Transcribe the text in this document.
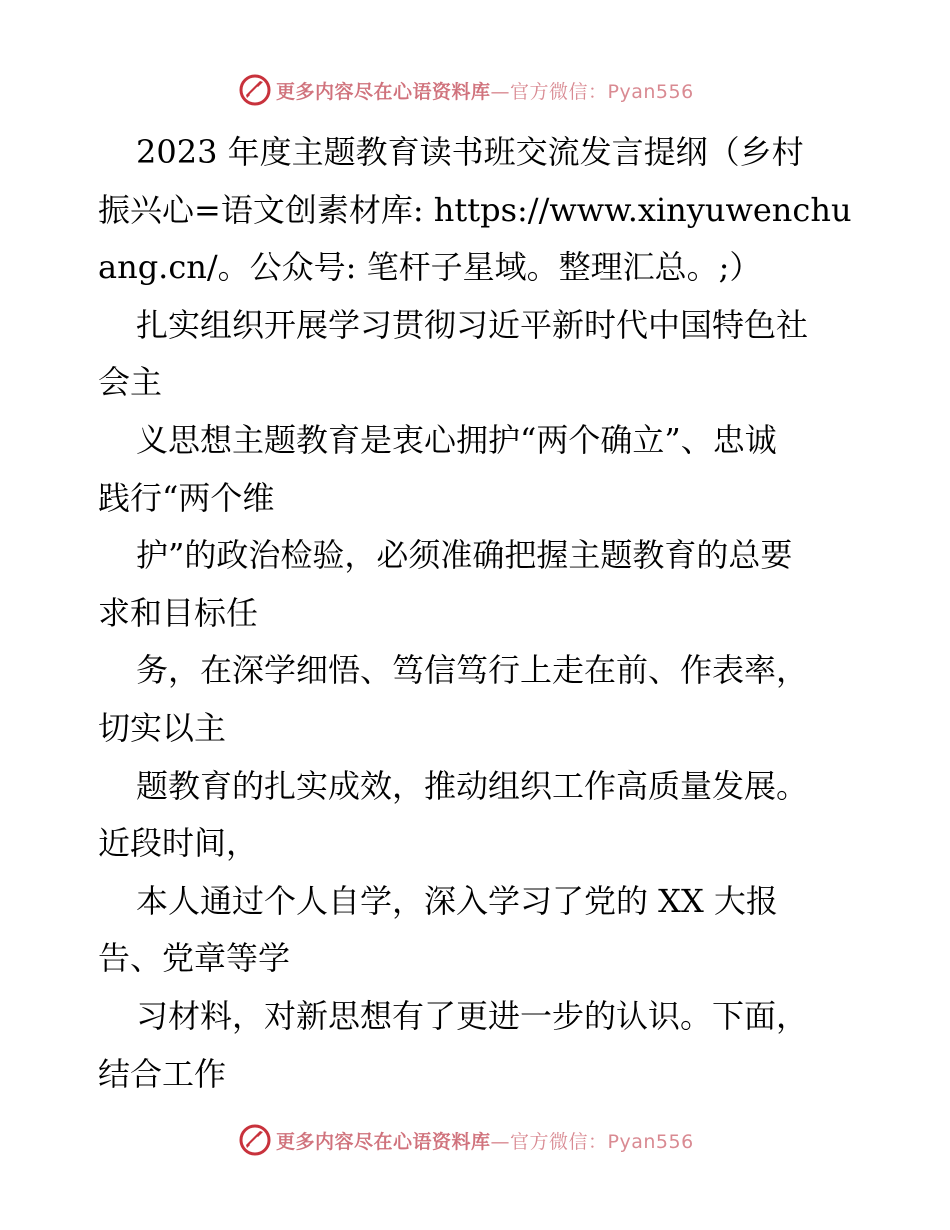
更多内容尽在心语资料库—官方微信：Pyan556
2023 年度主题教育读书班交流发言提纲（乡村
振兴心=语文创素材库: https://www.xinyuwenchu
ang.cn/。公众号: 笔杆子星域。整理汇总。;）
扎实组织开展学习贯彻习近平新时代中国特色社
会主
义思想主题教育是衷心拥护“两个确立”、忠诚
践行“两个维
护”的政治检验，必须准确把握主题教育的总要
求和目标任
务，在深学细悟、笃信笃行上走在前、作表率，
切实以主
题教育的扎实成效，推动组织工作高质量发展。
近段时间，
本人通过个人自学，深入学习了党的 XX 大报
告、党章等学
习材料，对新思想有了更进一步的认识。下面，
结合工作
更多内容尽在心语资料库—官方微信：Pyan556
